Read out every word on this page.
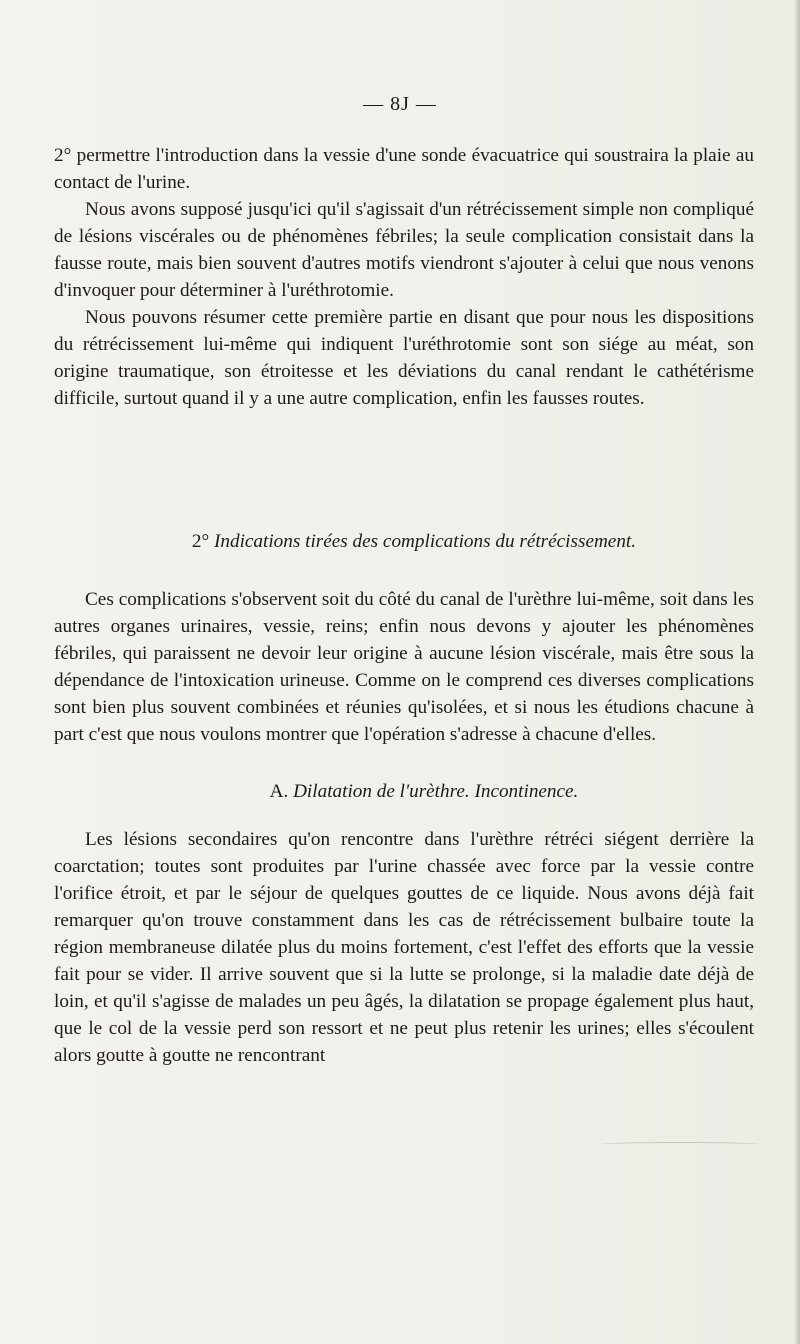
— 8J —

2° permettre l'introduction dans la vessie d'une sonde évacuatrice qui soustraira la plaie au contact de l'urine.

Nous avons supposé jusqu'ici qu'il s'agissait d'un rétrécissement simple non compliqué de lésions viscérales ou de phénomènes fébriles; la seule complication consistait dans la fausse route, mais bien souvent d'autres motifs viendront s'ajouter à celui que nous venons d'invoquer pour déterminer à l'uréthrotomie.

Nous pouvons résumer cette première partie en disant que pour nous les dispositions du rétrécissement lui-même qui indiquent l'uréthrotomie sont son siége au méat, son origine traumatique, son étroitesse et les déviations du canal rendant le cathétérisme difficile, surtout quand il y a une autre complication, enfin les fausses routes.

2° Indications tirées des complications du rétrécissement.

Ces complications s'observent soit du côté du canal de l'urèthre lui-même, soit dans les autres organes urinaires, vessie, reins; enfin nous devons y ajouter les phénomènes fébriles, qui paraissent ne devoir leur origine à aucune lésion viscérale, mais être sous la dépendance de l'intoxication urineuse. Comme on le comprend ces diverses complications sont bien plus souvent combinées et réunies qu'isolées, et si nous les étudions chacune à part c'est que nous voulons montrer que l'opération s'adresse à chacune d'elles.

A. Dilatation de l'urèthre. Incontinence.

Les lésions secondaires qu'on rencontre dans l'urèthre rétréci siégent derrière la coarctation; toutes sont produites par l'urine chassée avec force par la vessie contre l'orifice étroit, et par le séjour de quelques gouttes de ce liquide. Nous avons déjà fait remarquer qu'on trouve constamment dans les cas de rétrécissement bulbaire toute la région membraneuse dilatée plus du moins fortement, c'est l'effet des efforts que la vessie fait pour se vider. Il arrive souvent que si la lutte se prolonge, si la maladie date déjà de loin, et qu'il s'agisse de malades un peu âgés, la dilatation se propage également plus haut, que le col de la vessie perd son ressort et ne peut plus retenir les urines; elles s'écoulent alors goutte à goutte ne rencontrant
